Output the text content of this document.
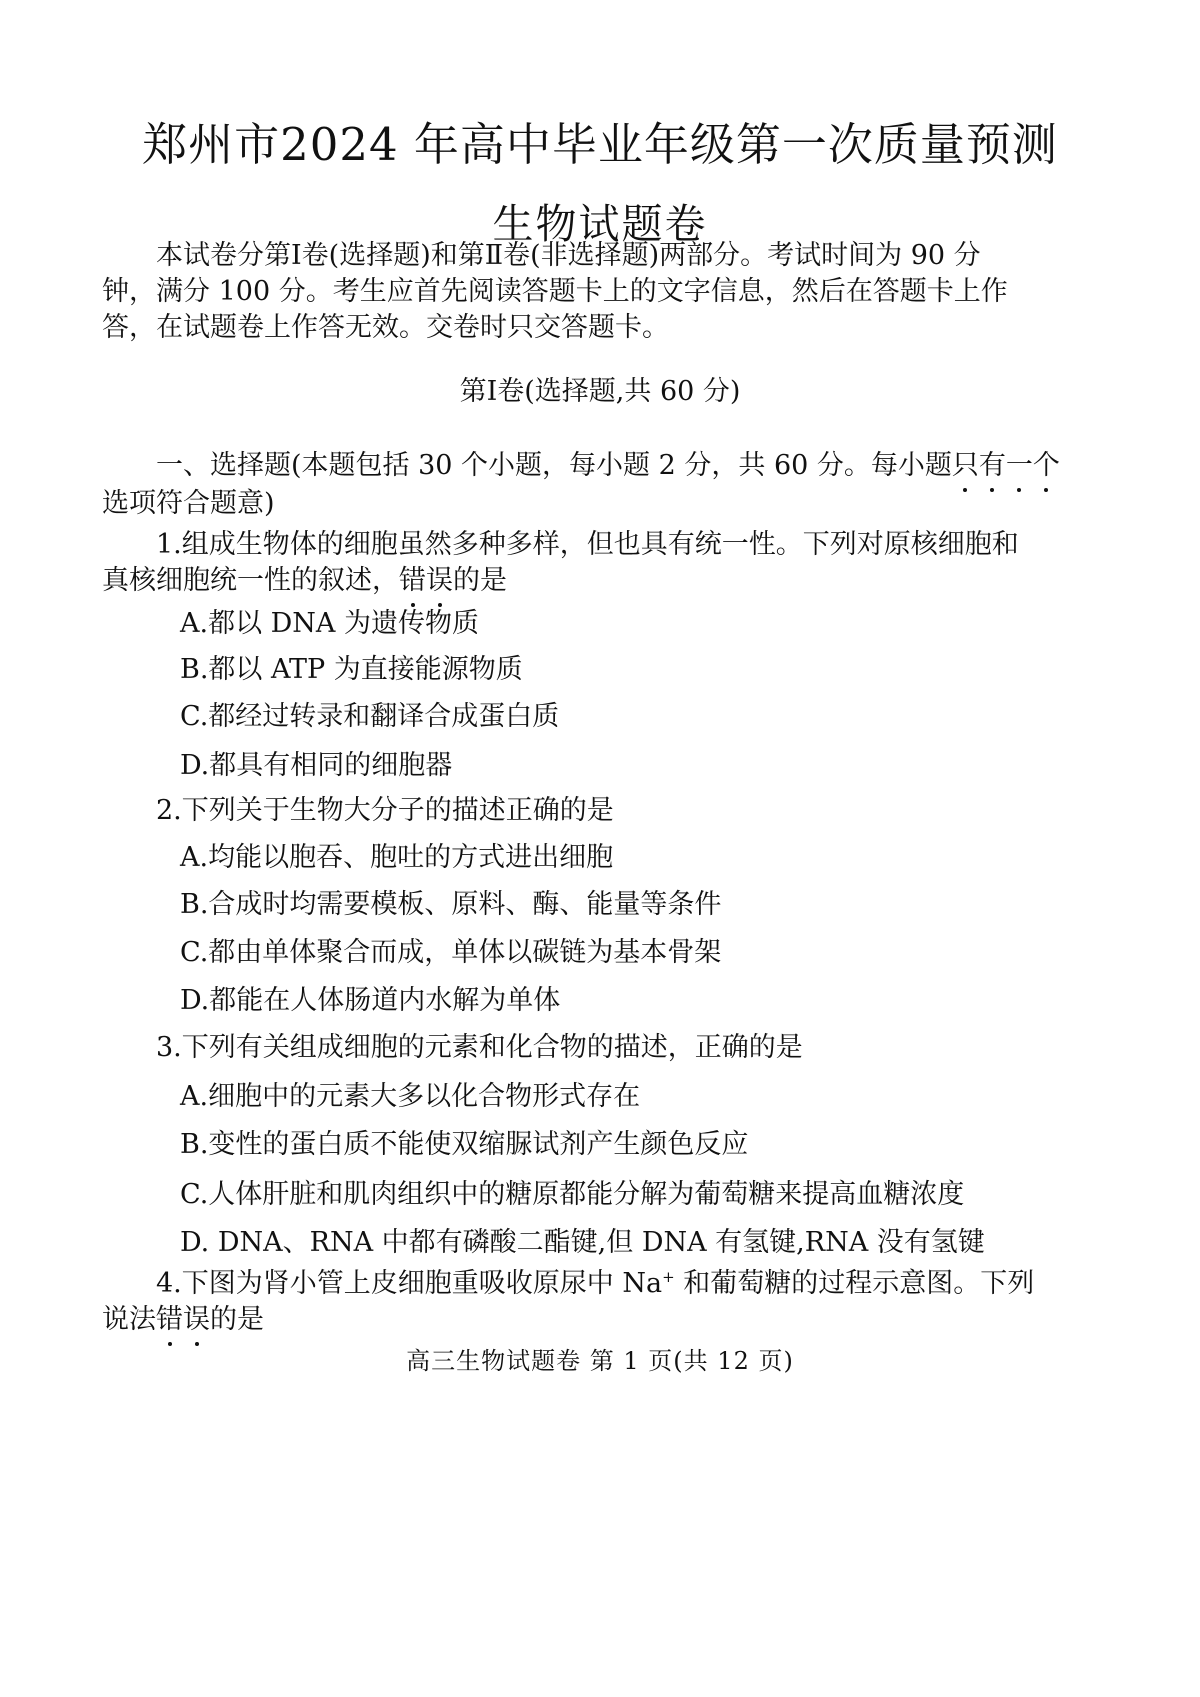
郑州市2024 年高中毕业年级第一次质量预测
生物试题卷
本试卷分第Ⅰ卷(选择题)和第Ⅱ卷(非选择题)两部分。考试时间为 90 分
钟，满分 100 分。考生应首先阅读答题卡上的文字信息，然后在答题卡上作
答，在试题卷上作答无效。交卷时只交答题卡。
第Ⅰ卷(选择题,共 60 分)
一、选择题(本题包括 30 个小题，每小题 2 分，共 60 分。每小题只有一个
选项符合题意)
1.组成生物体的细胞虽然多种多样，但也具有统一性。下列对原核细胞和
真核细胞统一性的叙述，错误的是
A.都以 DNA 为遗传物质
B.都以 ATP 为直接能源物质
C.都经过转录和翻译合成蛋白质
D.都具有相同的细胞器
2.下列关于生物大分子的描述正确的是
A.均能以胞吞、胞吐的方式进出细胞
B.合成时均需要模板、原料、酶、能量等条件
C.都由单体聚合而成，单体以碳链为基本骨架
D.都能在人体肠道内水解为单体
3.下列有关组成细胞的元素和化合物的描述，正确的是
A.细胞中的元素大多以化合物形式存在
B.变性的蛋白质不能使双缩脲试剂产生颜色反应
C.人体肝脏和肌肉组织中的糖原都能分解为葡萄糖来提高血糖浓度
D. DNA、RNA 中都有磷酸二酯键,但 DNA 有氢键,RNA 没有氢键
4.下图为肾小管上皮细胞重吸收原尿中 Na+ 和葡萄糖的过程示意图。下列
说法错误的是
高三生物试题卷 第 1 页(共 12 页)
